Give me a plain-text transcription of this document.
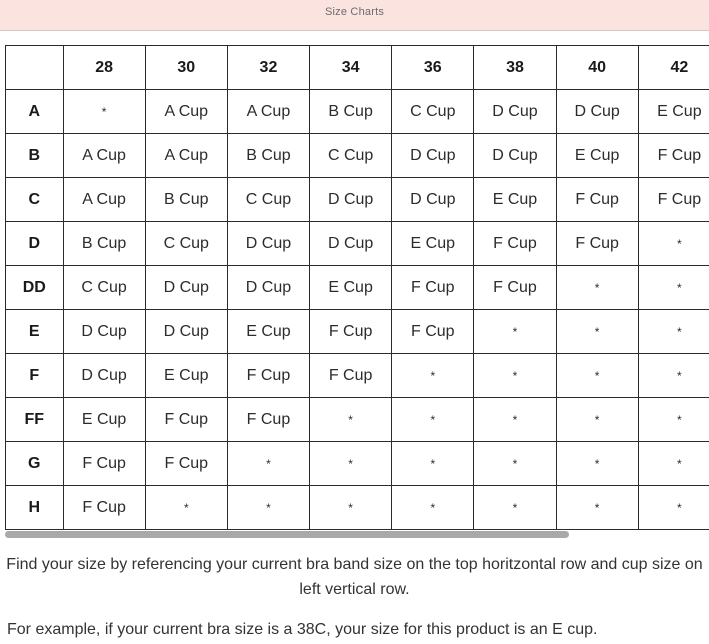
Size Charts
	28	30	32	34	36	38	40	42
A	*	A Cup	A Cup	B Cup	C Cup	D Cup	D Cup	E Cup
B	A Cup	A Cup	B Cup	C Cup	D Cup	D Cup	E Cup	F Cup
C	A Cup	B Cup	C Cup	D Cup	D Cup	E Cup	F Cup	F Cup
D	B Cup	C Cup	D Cup	D Cup	E Cup	F Cup	F Cup	*
DD	C Cup	D Cup	D Cup	E Cup	F Cup	F Cup	*	*
E	D Cup	D Cup	E Cup	F Cup	F Cup	*	*	*
F	D Cup	E Cup	F Cup	F Cup	*	*	*	*
FF	E Cup	F Cup	F Cup	*	*	*	*	*
G	F Cup	F Cup	*	*	*	*	*	*
H	F Cup	*	*	*	*	*	*	*
Find your size by referencing your current bra band size on the top horitzontal row and cup size on left vertical row.
For example, if your current bra size is a 38C, your size for this product is an E cup.
